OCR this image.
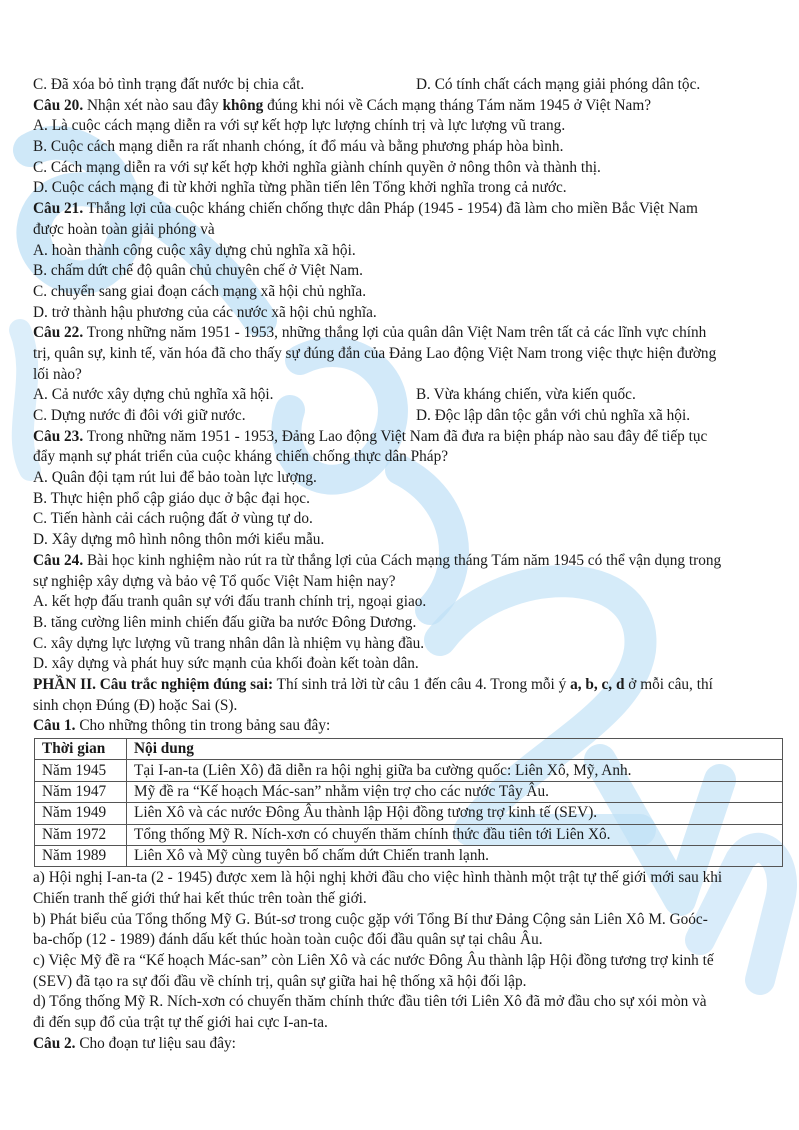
C. Đã xóa bỏ tình trạng đất nước bị chia cắt.	D. Có tính chất cách mạng giải phóng dân tộc.
Câu 20. Nhận xét nào sau đây không đúng khi nói về Cách mạng tháng Tám năm 1945 ở Việt Nam?
A. Là cuộc cách mạng diễn ra với sự kết hợp lực lượng chính trị và lực lượng vũ trang.
B. Cuộc cách mạng diễn ra rất nhanh chóng, ít đổ máu và bằng phương pháp hòa bình.
C. Cách mạng diễn ra với sự kết hợp khởi nghĩa giành chính quyền ở nông thôn và thành thị.
D. Cuộc cách mạng đi từ khởi nghĩa từng phần tiến lên Tổng khởi nghĩa trong cả nước.
Câu 21. Thắng lợi của cuộc kháng chiến chống thực dân Pháp (1945 - 1954) đã làm cho miền Bắc Việt Nam
được hoàn toàn giải phóng và
A. hoàn thành công cuộc xây dựng chủ nghĩa xã hội.
B. chấm dứt chế độ quân chủ chuyên chế ở Việt Nam.
C. chuyển sang giai đoạn cách mạng xã hội chủ nghĩa.
D. trở thành hậu phương của các nước xã hội chủ nghĩa.
Câu 22. Trong những năm 1951 - 1953, những thắng lợi của quân dân Việt Nam trên tất cả các lĩnh vực chính
trị, quân sự, kinh tế, văn hóa đã cho thấy sự đúng đắn của Đảng Lao động Việt Nam trong việc thực hiện đường
lối nào?
A. Cả nước xây dựng chủ nghĩa xã hội.	B. Vừa kháng chiến, vừa kiến quốc.
C. Dựng nước đi đôi với giữ nước.	D. Độc lập dân tộc gắn với chủ nghĩa xã hội.
Câu 23. Trong những năm 1951 - 1953, Đảng Lao động Việt Nam đã đưa ra biện pháp nào sau đây để tiếp tục
đẩy mạnh sự phát triển của cuộc kháng chiến chống thực dân Pháp?
A. Quân đội tạm rút lui để bảo toàn lực lượng.
B. Thực hiện phổ cập giáo dục ở bậc đại học.
C. Tiến hành cải cách ruộng đất ở vùng tự do.
D. Xây dựng mô hình nông thôn mới kiểu mẫu.
Câu 24. Bài học kinh nghiệm nào rút ra từ thắng lợi của Cách mạng tháng Tám năm 1945 có thể vận dụng trong
sự nghiệp xây dựng và bảo vệ Tổ quốc Việt Nam hiện nay?
A. kết hợp đấu tranh quân sự với đấu tranh chính trị, ngoại giao.
B. tăng cường liên minh chiến đấu giữa ba nước Đông Dương.
C. xây dựng lực lượng vũ trang nhân dân là nhiệm vụ hàng đầu.
D. xây dựng và phát huy sức mạnh của khối đoàn kết toàn dân.
PHẦN II. Câu trắc nghiệm đúng sai: Thí sinh trả lời từ câu 1 đến câu 4. Trong mỗi ý a, b, c, d ở mỗi câu, thí
sinh chọn Đúng (Đ) hoặc Sai (S).
Câu 1. Cho những thông tin trong bảng sau đây:
Thời gian	Nội dung
Năm 1945	Tại I-an-ta (Liên Xô) đã diễn ra hội nghị giữa ba cường quốc: Liên Xô, Mỹ, Anh.
Năm 1947	Mỹ đề ra “Kế hoạch Mác-san” nhằm viện trợ cho các nước Tây Âu.
Năm 1949	Liên Xô và các nước Đông Âu thành lập Hội đồng tương trợ kinh tế (SEV).
Năm 1972	Tổng thống Mỹ R. Ních-xơn có chuyến thăm chính thức đầu tiên tới Liên Xô.
Năm 1989	Liên Xô và Mỹ cùng tuyên bố chấm dứt Chiến tranh lạnh.
a) Hội nghị I-an-ta (2 - 1945) được xem là hội nghị khởi đầu cho việc hình thành một trật tự thế giới mới sau khi
Chiến tranh thế giới thứ hai kết thúc trên toàn thế giới.
b) Phát biểu của Tổng thống Mỹ G. Bút-sơ trong cuộc gặp với Tổng Bí thư Đảng Cộng sản Liên Xô M. Goóc-
ba-chốp (12 - 1989) đánh dấu kết thúc hoàn toàn cuộc đối đầu quân sự tại châu Âu.
c) Việc Mỹ đề ra “Kế hoạch Mác-san” còn Liên Xô và các nước Đông Âu thành lập Hội đồng tương trợ kinh tế
(SEV) đã tạo ra sự đối đầu về chính trị, quân sự giữa hai hệ thống xã hội đối lập.
d) Tổng thống Mỹ R. Ních-xơn có chuyến thăm chính thức đầu tiên tới Liên Xô đã mở đầu cho sự xói mòn và
đi đến sụp đổ của trật tự thế giới hai cực I-an-ta.
Câu 2. Cho đoạn tư liệu sau đây:
